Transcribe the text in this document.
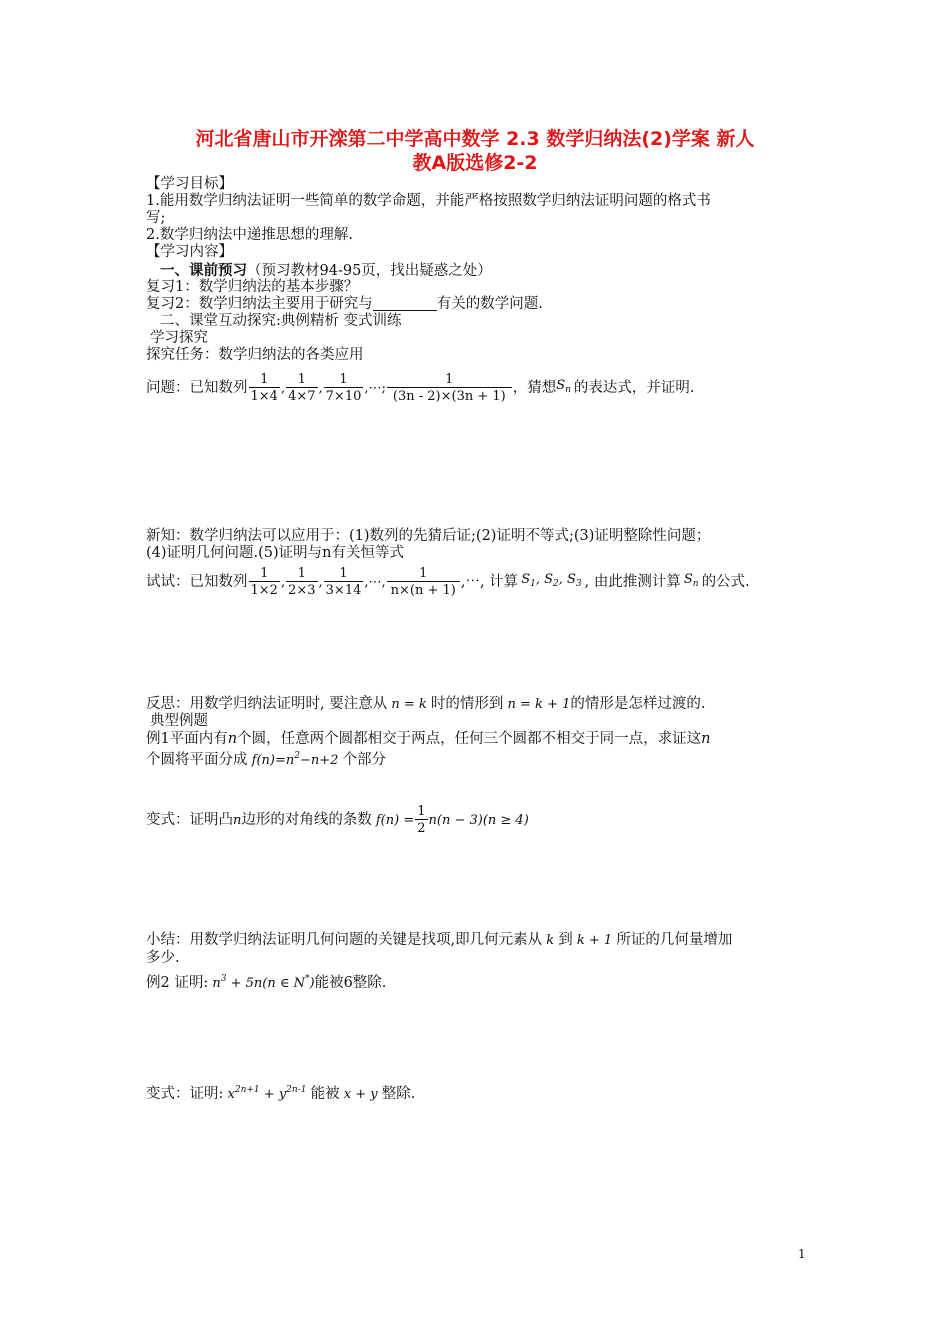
河北省唐山市开滦第二中学高中数学 2.3 数学归纳法(2)学案 新人
教A版选修2-2
【学习目标】
1.能用数学归纳法证明一些简单的数学命题，并能严格按照数学归纳法证明问题的格式书
写;
2.数学归纳法中递推思想的理解.
【学习内容】
一、课前预习（预习教材94-95页，找出疑惑之处）
复习1：数学归纳法的基本步骤？
复习2：数学归纳法主要用于研究与	有关的数学问题.
二、课堂互动探究:典例精析 变式训练
学习探究
探究任务：数学归纳法的各类应用
问题：已知数列 $\frac{1}{1\times 4}$ , $\frac{1}{4\times 7}$ , $\frac{1}{7\times 10}$ ,⋯; $\frac{1}{(3n - 2)\times(3n + 1)}$ ，猜想 $S_n$ 的表达式，并证明.
新知：数学归纳法可以应用于：(1)数列的先猜后证;(2)证明不等式;(3)证明整除性问题；
(4)证明几何问题.(5)证明与n有关恒等式
试试：已知数列 $\frac{1}{1\times 2}$ , $\frac{1}{2\times 3}$ , $\frac{1}{3\times 14}$ ,⋯, $\frac{1}{n\times(n + 1)}$ ,⋯, 计算 $S_1$, $S_2$, $S_3$ , 由此推测计算 $S_n$ 的公式.
反思：用数学归纳法证明时, 要注意从 n = k 时的情形到 n = k + 1的情形是怎样过渡的.
典型例题
例1平面内有n个圆，任意两个圆都相交于两点，任何三个圆都不相交于同一点，求证这n
个圆将平面分成 $f(n)=n^2-n+2$ 个部分
变式：证明凸 n 边形的对角线的条数 $f(n) = \frac{1}{2} n(n - 3)(n \ge 4)$
小结：用数学归纳法证明几何问题的关键是找项,即几何元素从 k 到 k + 1 所证的几何量增加
多少.
例2 证明: $n^3 + 5n(n$ ∈ N*)能被6整除.
变式：证明: $x^{2n+1} + y^{2n-1}$ 能被 x + y 整除.
1
